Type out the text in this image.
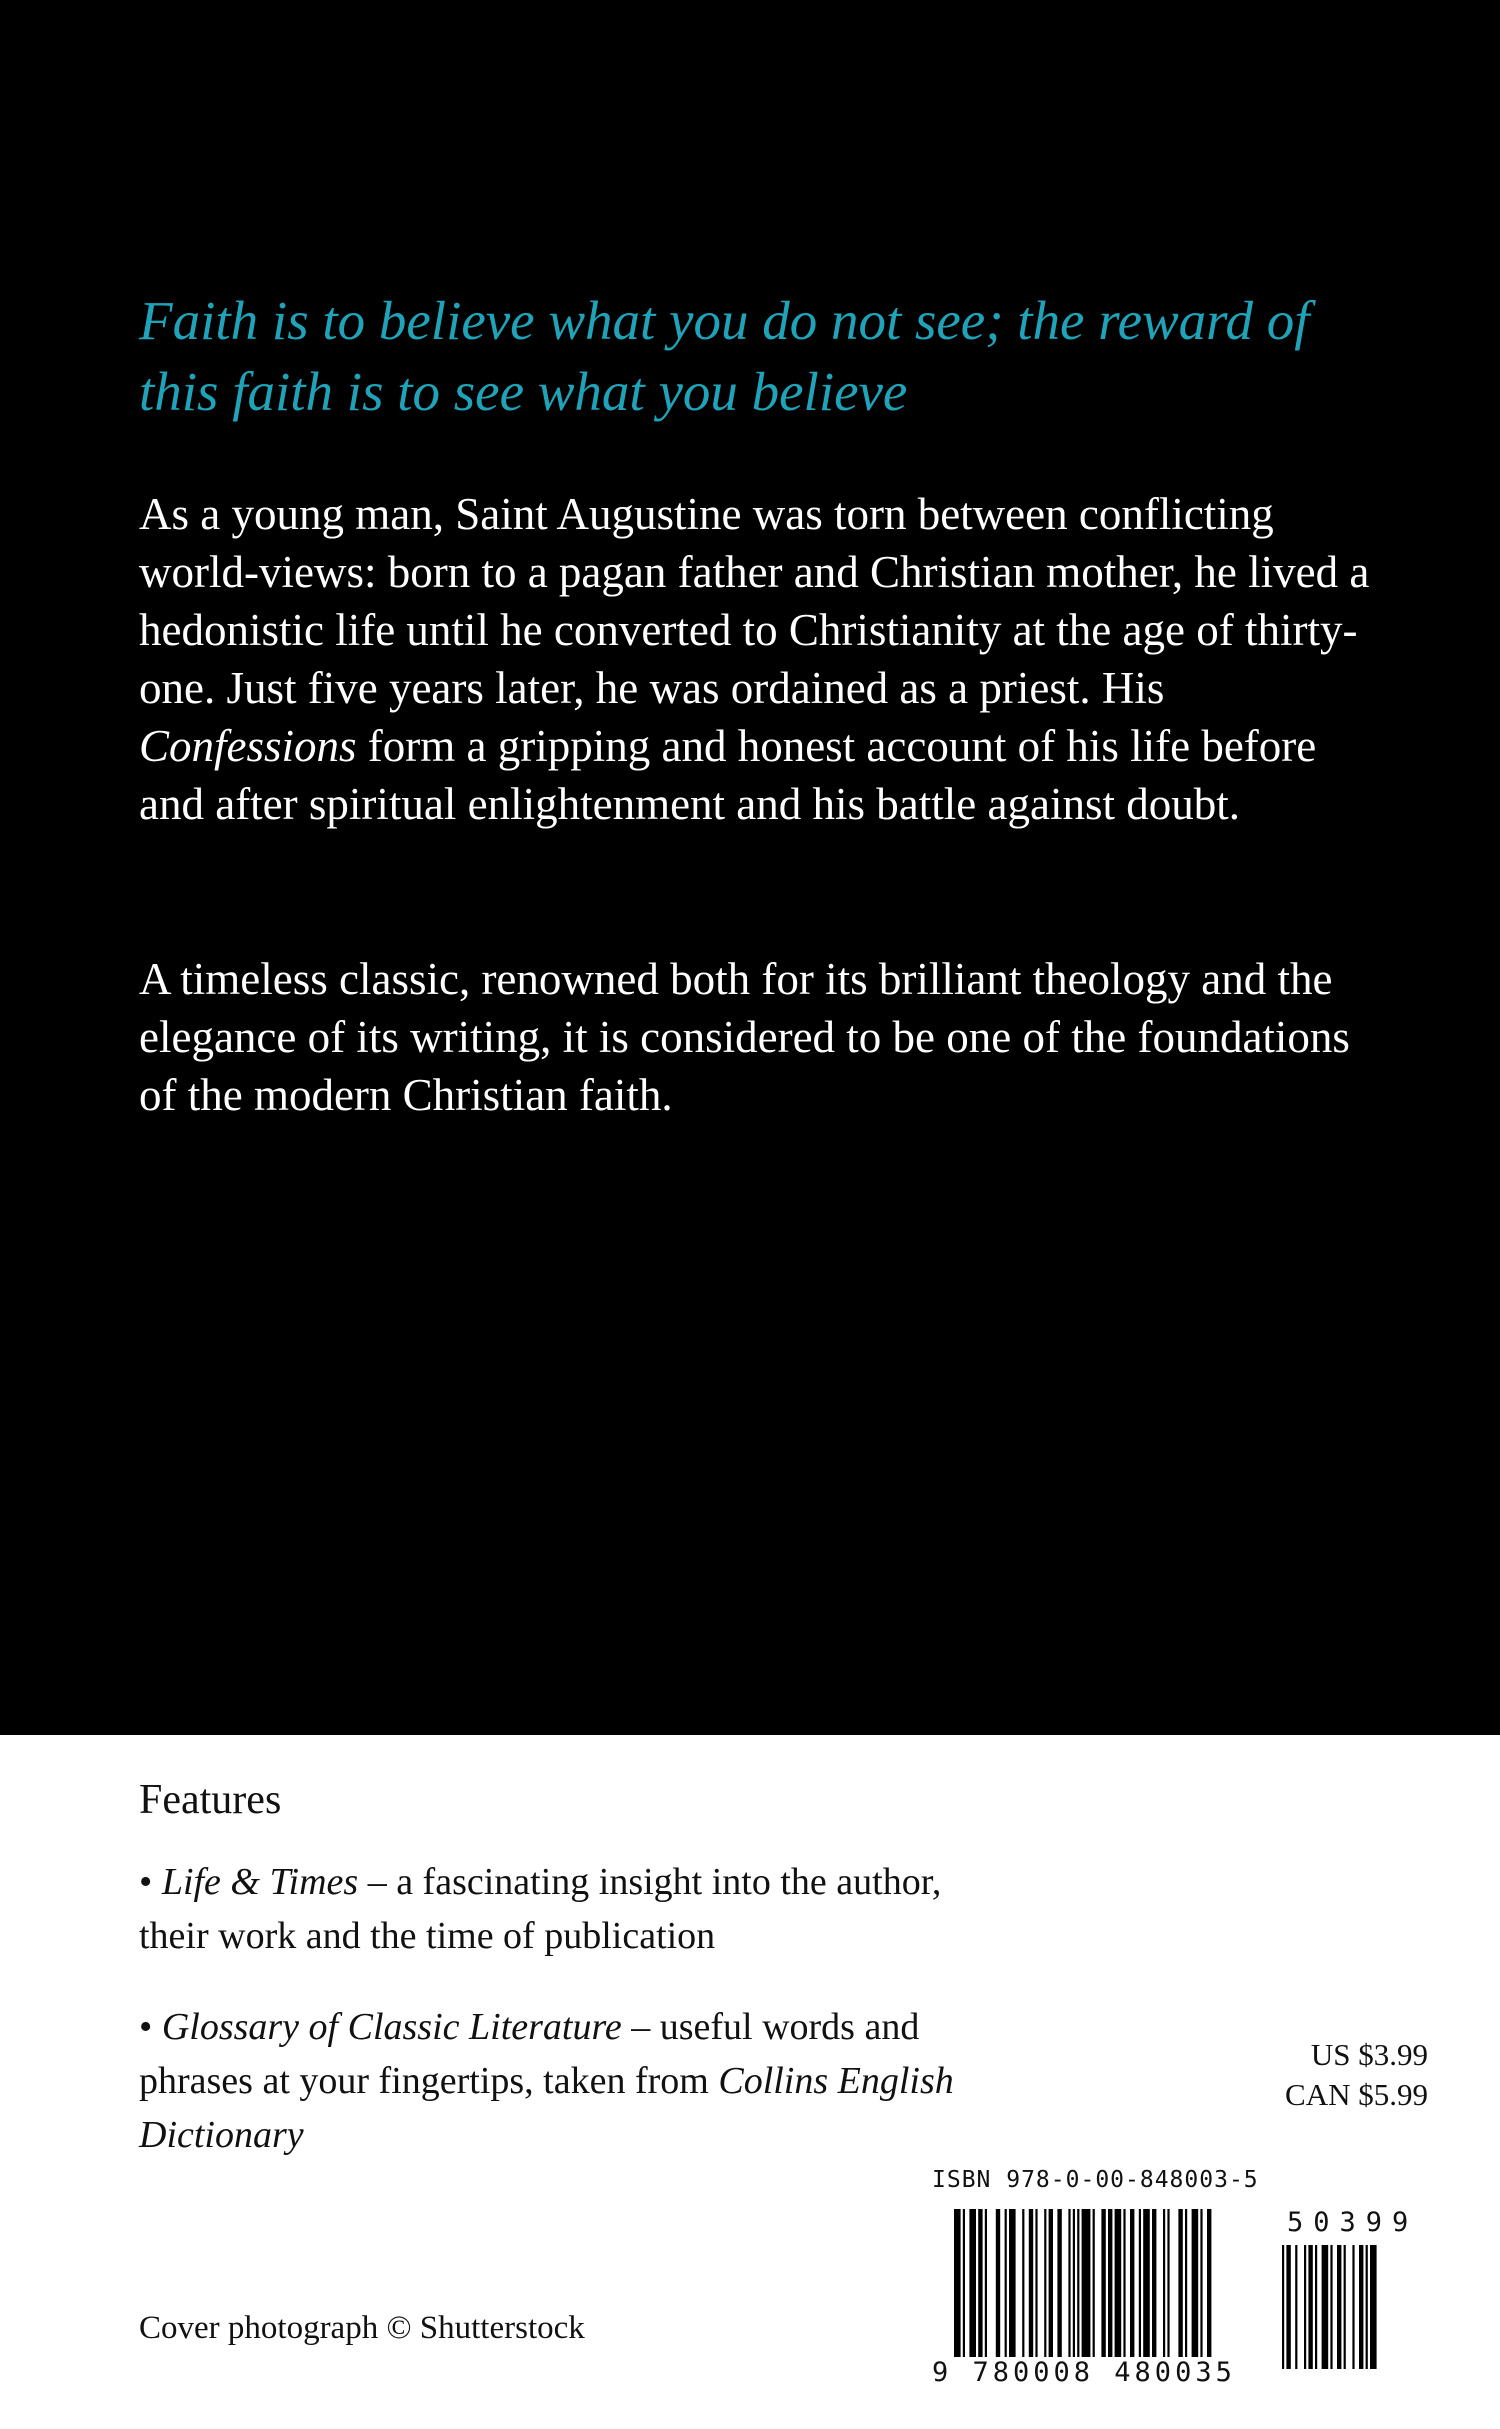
Faith is to believe what you do not see; the reward of this faith is to see what you believe

As a young man, Saint Augustine was torn between conflicting world-views: born to a pagan father and Christian mother, he lived a hedonistic life until he converted to Christianity at the age of thirty-one. Just five years later, he was ordained as a priest. His Confessions form a gripping and honest account of his life before and after spiritual enlightenment and his battle against doubt.

A timeless classic, renowned both for its brilliant theology and the elegance of its writing, it is considered to be one of the foundations of the modern Christian faith.

Features

• Life & Times – a fascinating insight into the author, their work and the time of publication

• Glossary of Classic Literature – useful words and phrases at your fingertips, taken from Collins English Dictionary

US $3.99
CAN $5.99
ISBN 978-0-00-848003-5
50399
9 780008 480035
Cover photograph © Shutterstock
